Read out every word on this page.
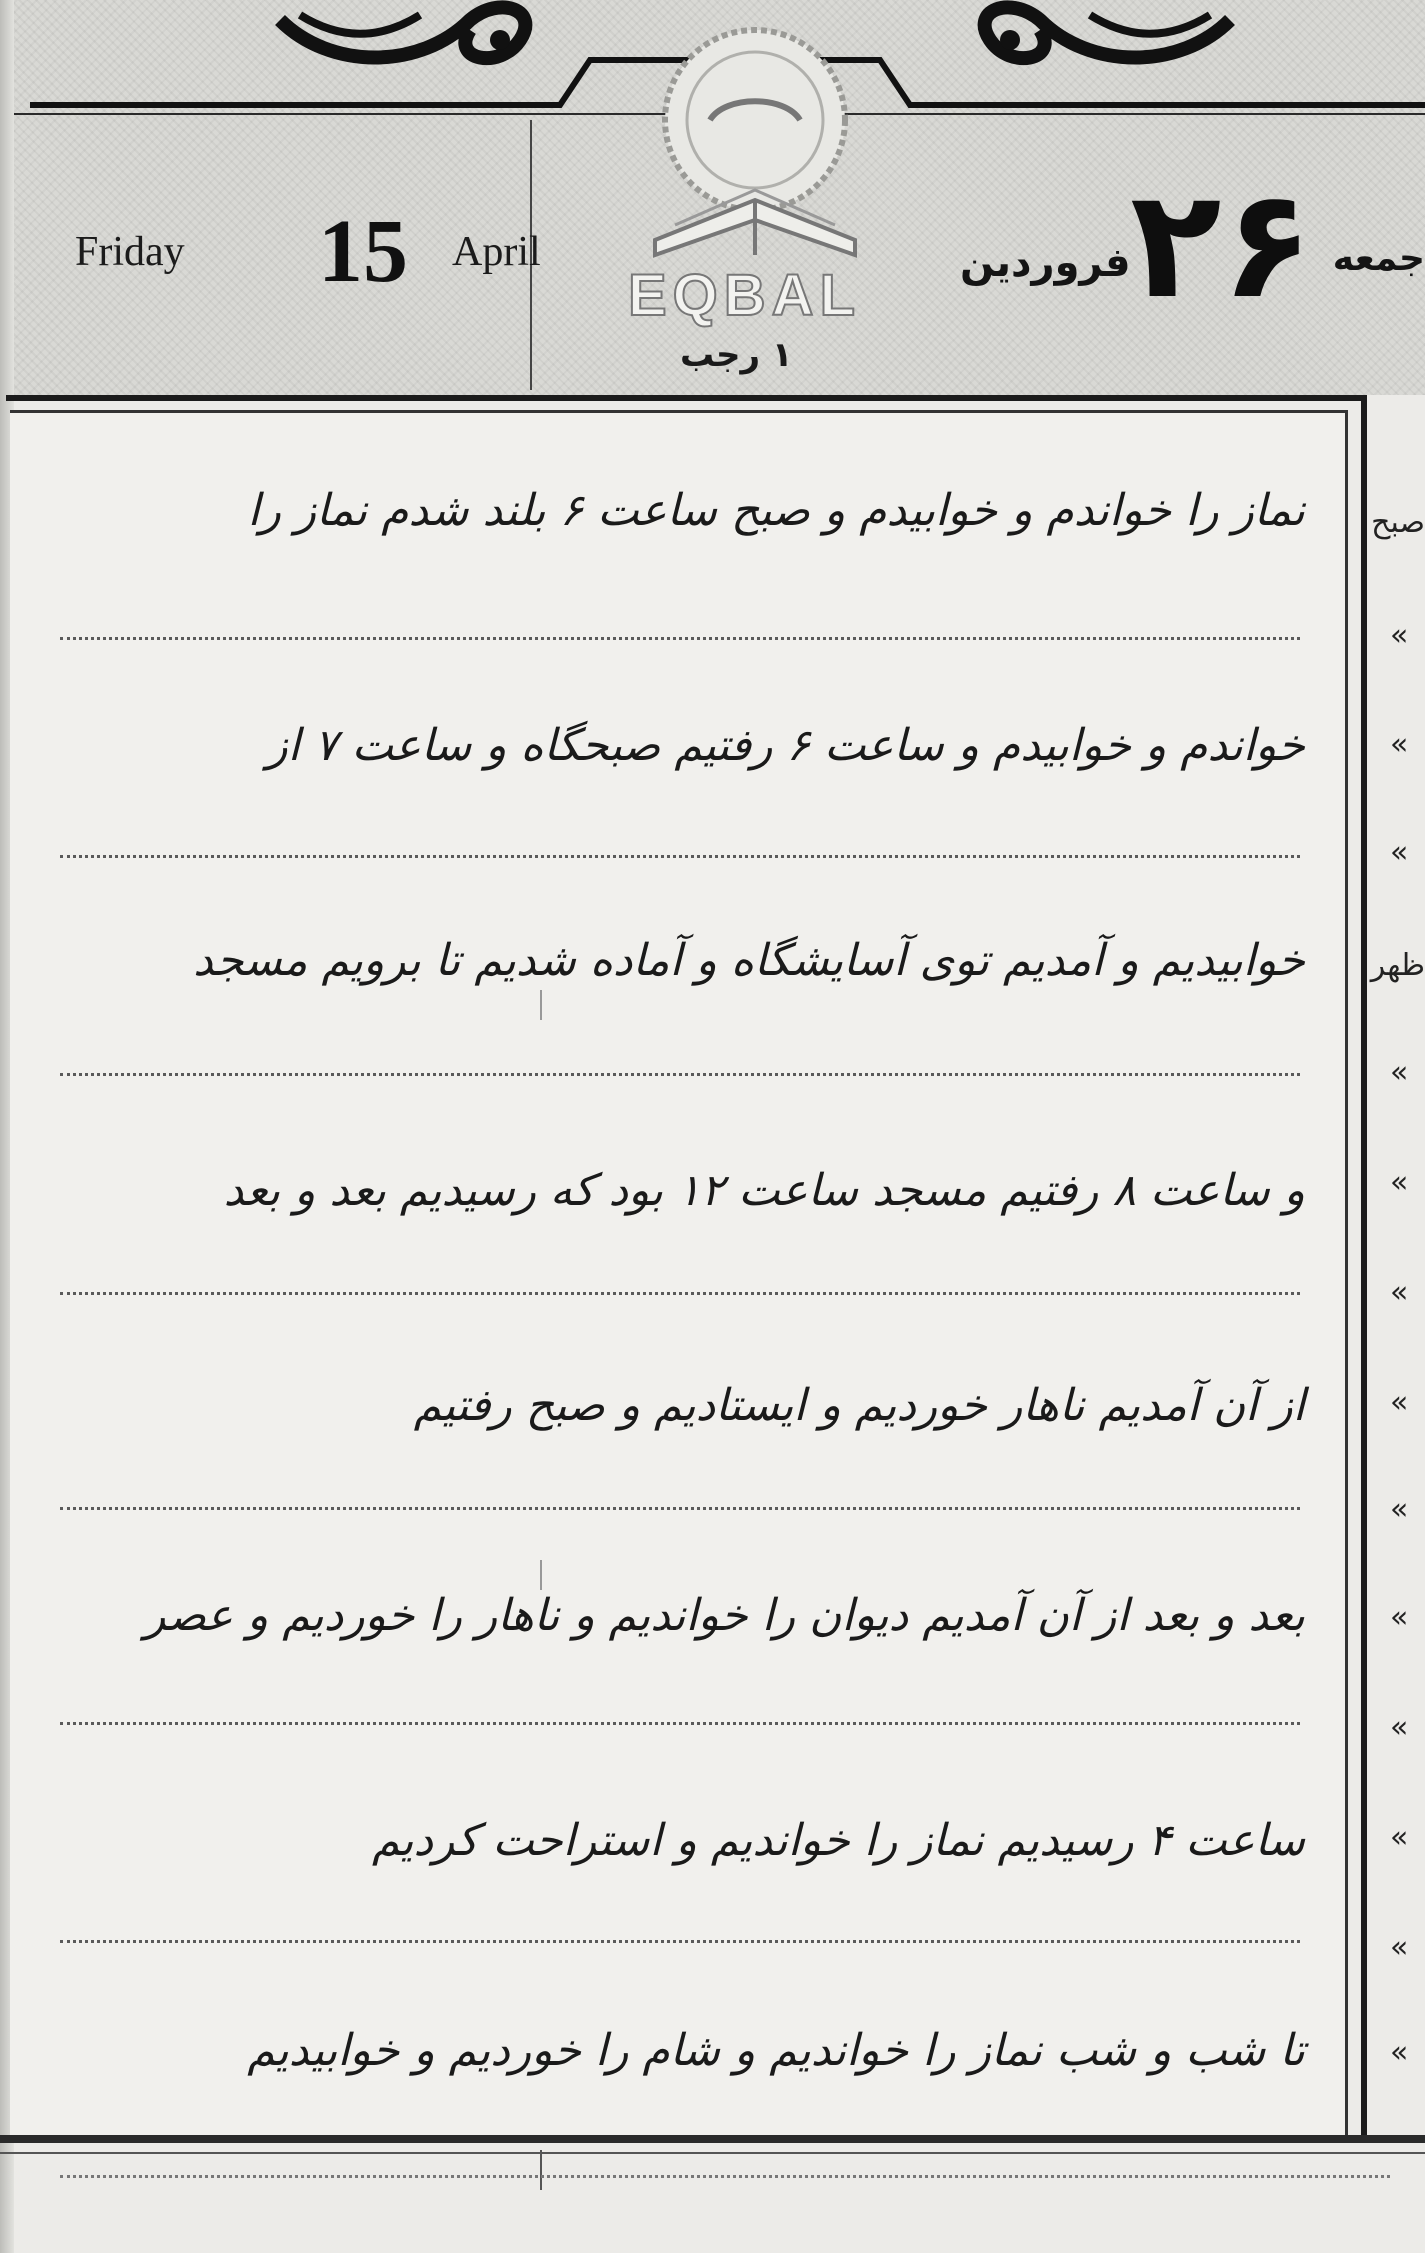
Friday 15 April
EQBAL
۱ رجب
فروردین ۲۶ جمعه
نماز را خواندم و خوابیدم و صبح ساعت ۶ بلند شدم نماز را
خواندم و خوابیدم و ساعت ۶ رفتیم صبحگاه و ساعت ۷ از
خوابیدیم و آمدیم توی آسایشگاه و آماده شدیم تا برویم مسجد
و ساعت ۸ رفتیم مسجد ساعت ۱۲ بود که رسیدیم بعد و بعد
از آن آمدیم ناهار خوردیم و ایستادیم و صبح رفتیم
بعد و بعد از آن آمدیم دیوان را خواندیم و ناهار را خوردیم و عصر
ساعت ۴ رسیدیم نماز را خواندیم و استراحت کردیم
تا شب و شب نماز را خواندیم و شام را خوردیم و خوابیدیم
صبح
»
»
»
ظهر
»
»
»
»
»
»
»
»
»
»
